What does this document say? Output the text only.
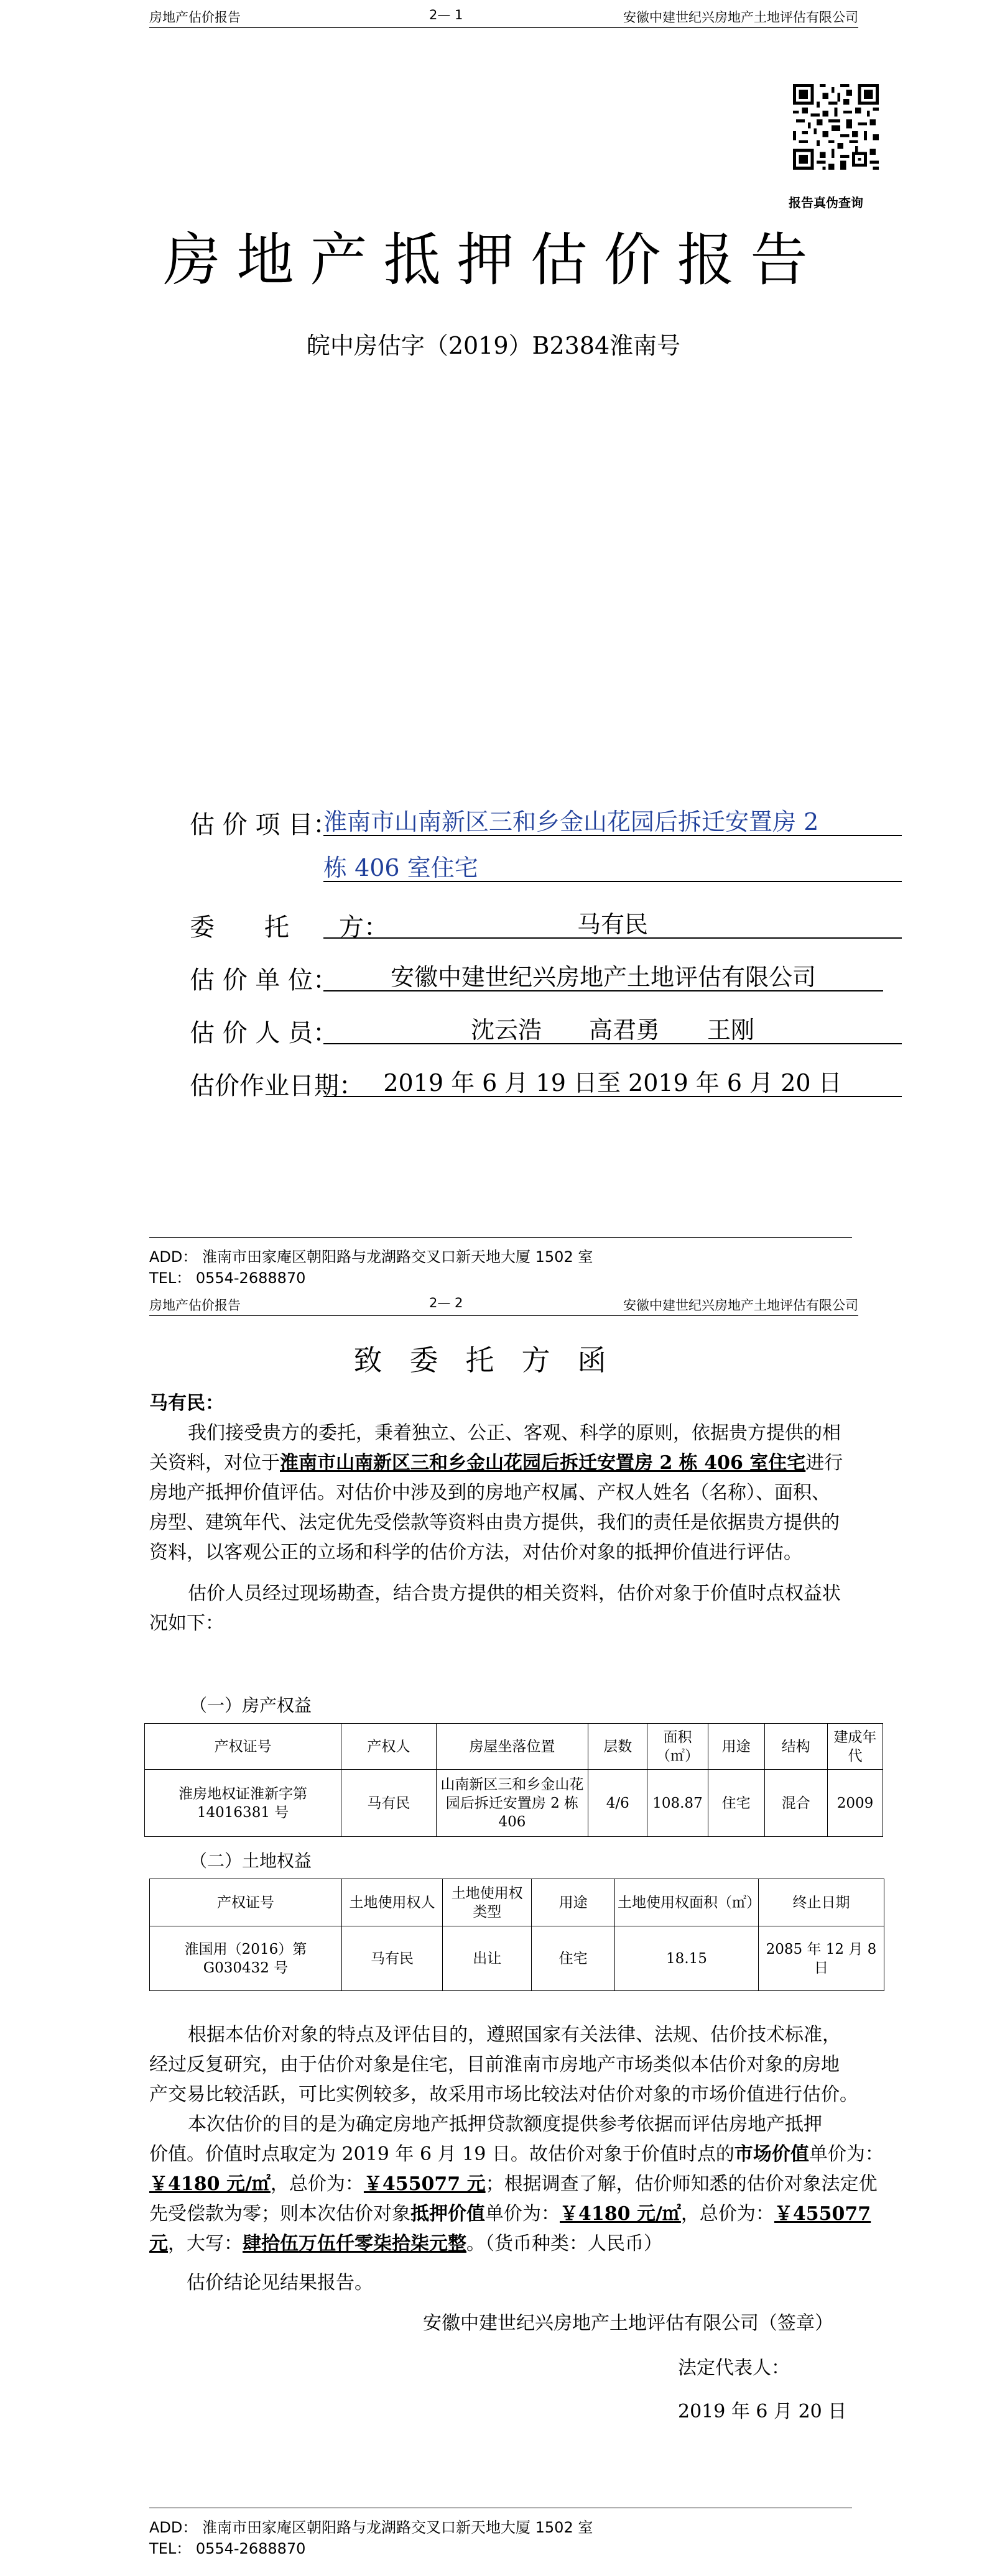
房地产估价报告	2— 1	安徽中建世纪兴房地产土地评估有限公司
报告真伪查询
房地产抵押估价报告
皖中房估字（2019）B2384淮南号
估 价 项 目：
淮南市山南新区三和乡金山花园后拆迁安置房 2
栋 406 室住宅
委　　托　　方：	马有民
估 价 单 位：	安徽中建世纪兴房地产土地评估有限公司
估 价 人 员：	沈云浩　　高君勇　　王刚
估价作业日期： 2019 年 6 月 19 日至 2019 年 6 月 20 日
ADD： 淮南市田家庵区朝阳路与龙湖路交叉口新天地大厦 1502 室
TEL： 0554-2688870
房地产估价报告	2— 2	安徽中建世纪兴房地产土地评估有限公司
致委托方函
马有民：
我们接受贵方的委托，秉着独立、公正、客观、科学的原则，依据贵方提供的相
关资料，对位于淮南市山南新区三和乡金山花园后拆迁安置房 2 栋 406 室住宅进行
房地产抵押价值评估。对估价中涉及到的房地产权属、产权人姓名（名称）、面积、
房型、建筑年代、法定优先受偿款等资料由贵方提供，我们的责任是依据贵方提供的
资料，以客观公正的立场和科学的估价方法，对估价对象的抵押价值进行评估。
估价人员经过现场勘查，结合贵方提供的相关资料，估价对象于价值时点权益状
况如下：
（一）房产权益
产权证号	产权人	房屋坐落位置	层数	面积（㎡）	用途	结构	建成年代
淮房地权证淮新字第 14016381 号	马有民	山南新区三和乡金山花园后拆迁安置房 2 栋 406	4/6	108.87	住宅	混合	2009
（二）土地权益
产权证号	土地使用权人	土地使用权类型	用途	土地使用权面积（㎡）	终止日期
淮国用（2016）第 G030432 号	马有民	出让	住宅	18.15	2085 年 12 月 8 日
根据本估价对象的特点及评估目的，遵照国家有关法律、法规、估价技术标准，
经过反复研究，由于估价对象是住宅，目前淮南市房地产市场类似本估价对象的房地
产交易比较活跃，可比实例较多，故采用市场比较法对估价对象的市场价值进行估价。
本次估价的目的是为确定房地产抵押贷款额度提供参考依据而评估房地产抵押
价值。价值时点取定为 2019 年 6 月 19 日。故估价对象于价值时点的市场价值单价为：
￥4180 元/㎡，总价为：￥455077 元；根据调查了解，估价师知悉的估价对象法定优
先受偿款为零；则本次估价对象抵押价值单价为：￥4180 元/㎡，总价为：￥455077
元，大写：肆拾伍万伍仟零柒拾柒元整。（货币种类：人民币）
估价结论见结果报告。
安徽中建世纪兴房地产土地评估有限公司（签章）
法定代表人：
2019 年 6 月 20 日
ADD： 淮南市田家庵区朝阳路与龙湖路交叉口新天地大厦 1502 室
TEL： 0554-2688870
